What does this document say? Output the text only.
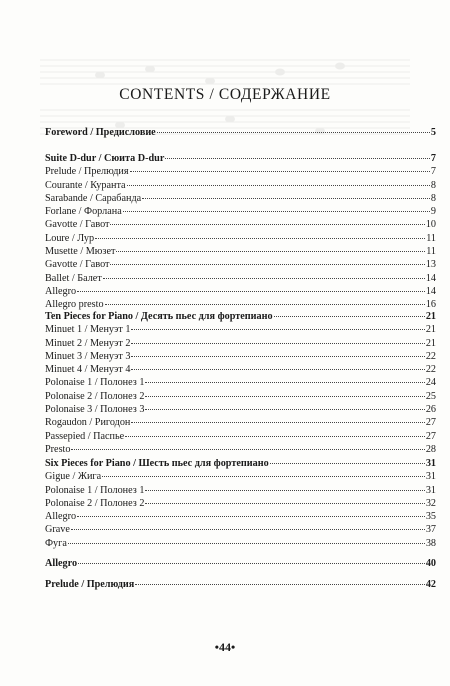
CONTENTS / СОДЕРЖАНИЕ
Foreword / Предисловие	5
Suite D-dur / Сюита D-dur	7
Prelude / Прелюдия	7
Courante / Куранта	8
Sarabande / Сарабанда	8
Forlane / Форлана	9
Gavotte / Гавот	10
Loure / Луp	11
Musette / Мюзет	11
Gavotte / Гавот	13
Ballet / Балет	14
Allegro	14
Allegro presto	16
Ten Pieces for Piano / Десять пьес для фортепиано	21
Minuet 1 / Менуэт 1	21
Minuet 2 / Менуэт 2	21
Minuet 3 / Менуэт 3	22
Minuet 4 / Менуэт 4	22
Polonaise 1 / Полонез 1	24
Polonaise 2 / Полонез 2	25
Polonaise 3 / Полонез 3	26
Rogaudon / Ригодон	27
Passepied / Паспье	27
Presto	28
Six Pieces for Piano / Шесть пьес для фортепиано	31
Gigue / Жига	31
Polonaise 1 / Полонез 1	31
Polonaise 2 / Полонез 2	32
Allegro	35
Grave	37
Фуга	38
Allegro	40
Prelude / Прелюдия	42
•44•
